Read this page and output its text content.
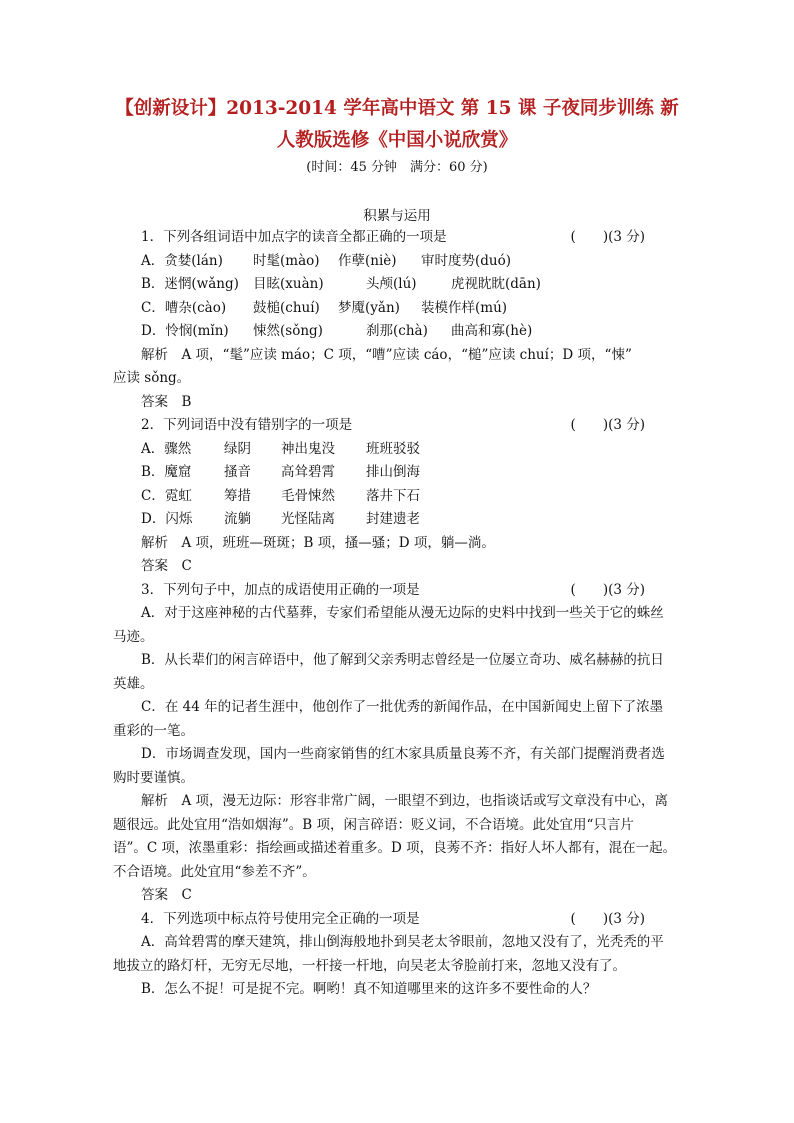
【创新设计】2013-2014 学年高中语文 第 15 课 子夜同步训练 新
人教版选修《中国小说欣赏》
(时间：45 分钟　满分：60 分)
积累与运用
1．下列各组词语中加点字的读音全都正确的一项是	(　　)(3 分)
A．贪婪(lán) 时髦(mào) 作孽(niè) 审时度势(duó)
B．迷惘(wǎng) 目眩(xuàn)	头颅(lú)	虎视眈眈(dān)
C．嘈杂(cào) 鼓槌(chuí) 梦魇(yǎn) 装模作样(mú)
D．怜悯(mǐn) 悚然(sǒng)	刹那(chà) 曲高和寡(hè)
解析　A 项，“髦”应读 máo；C 项，“嘈”应读 cáo，“槌”应读 chuí；D 项，“悚”
应读 sǒng。
答案　B
2．下列词语中没有错别字的一项是	(　　)(3 分)
A．骤然 绿阴 神出鬼没 班班驳驳
B．魔窟 搔音 高耸碧霄 排山倒海
C．霓虹 筹措 毛骨悚然 落井下石
D．闪烁 流躺 光怪陆离 封建遗老
解析　A 项，班班—斑斑；B 项，搔—骚；D 项，躺—淌。
答案　C
3．下列句子中，加点的成语使用正确的一项是	(　　)(3 分)
A．对于这座神秘的古代墓葬，专家们希望能从漫无边际的史料中找到一些关于它的蛛丝
马迹。
B．从长辈们的闲言碎语中，他了解到父亲秀明志曾经是一位屡立奇功、威名赫赫的抗日
英雄。
C．在 44 年的记者生涯中，他创作了一批优秀的新闻作品，在中国新闻史上留下了浓墨
重彩的一笔。
D．市场调查发现，国内一些商家销售的红木家具质量良莠不齐，有关部门提醒消费者选
购时要谨慎。
解析　A 项，漫无边际：形容非常广阔，一眼望不到边，也指谈话或写文章没有中心，离
题很远。此处宜用“浩如烟海”。B 项，闲言碎语：贬义词，不合语境。此处宜用“只言片
语”。C 项，浓墨重彩：指绘画或描述着重多。D 项，良莠不齐：指好人坏人都有，混在一起。
不合语境。此处宜用“参差不齐”。
答案　C
4．下列选项中标点符号使用完全正确的一项是	(　　)(3 分)
A．高耸碧霄的摩天建筑，排山倒海般地扑到吴老太爷眼前，忽地又没有了，光秃秃的平
地拔立的路灯杆，无穷无尽地，一杆接一杆地，向吴老太爷脸前打来，忽地又没有了。
B．怎么不捉！可是捉不完。啊哟！真不知道哪里来的这许多不要性命的人？
